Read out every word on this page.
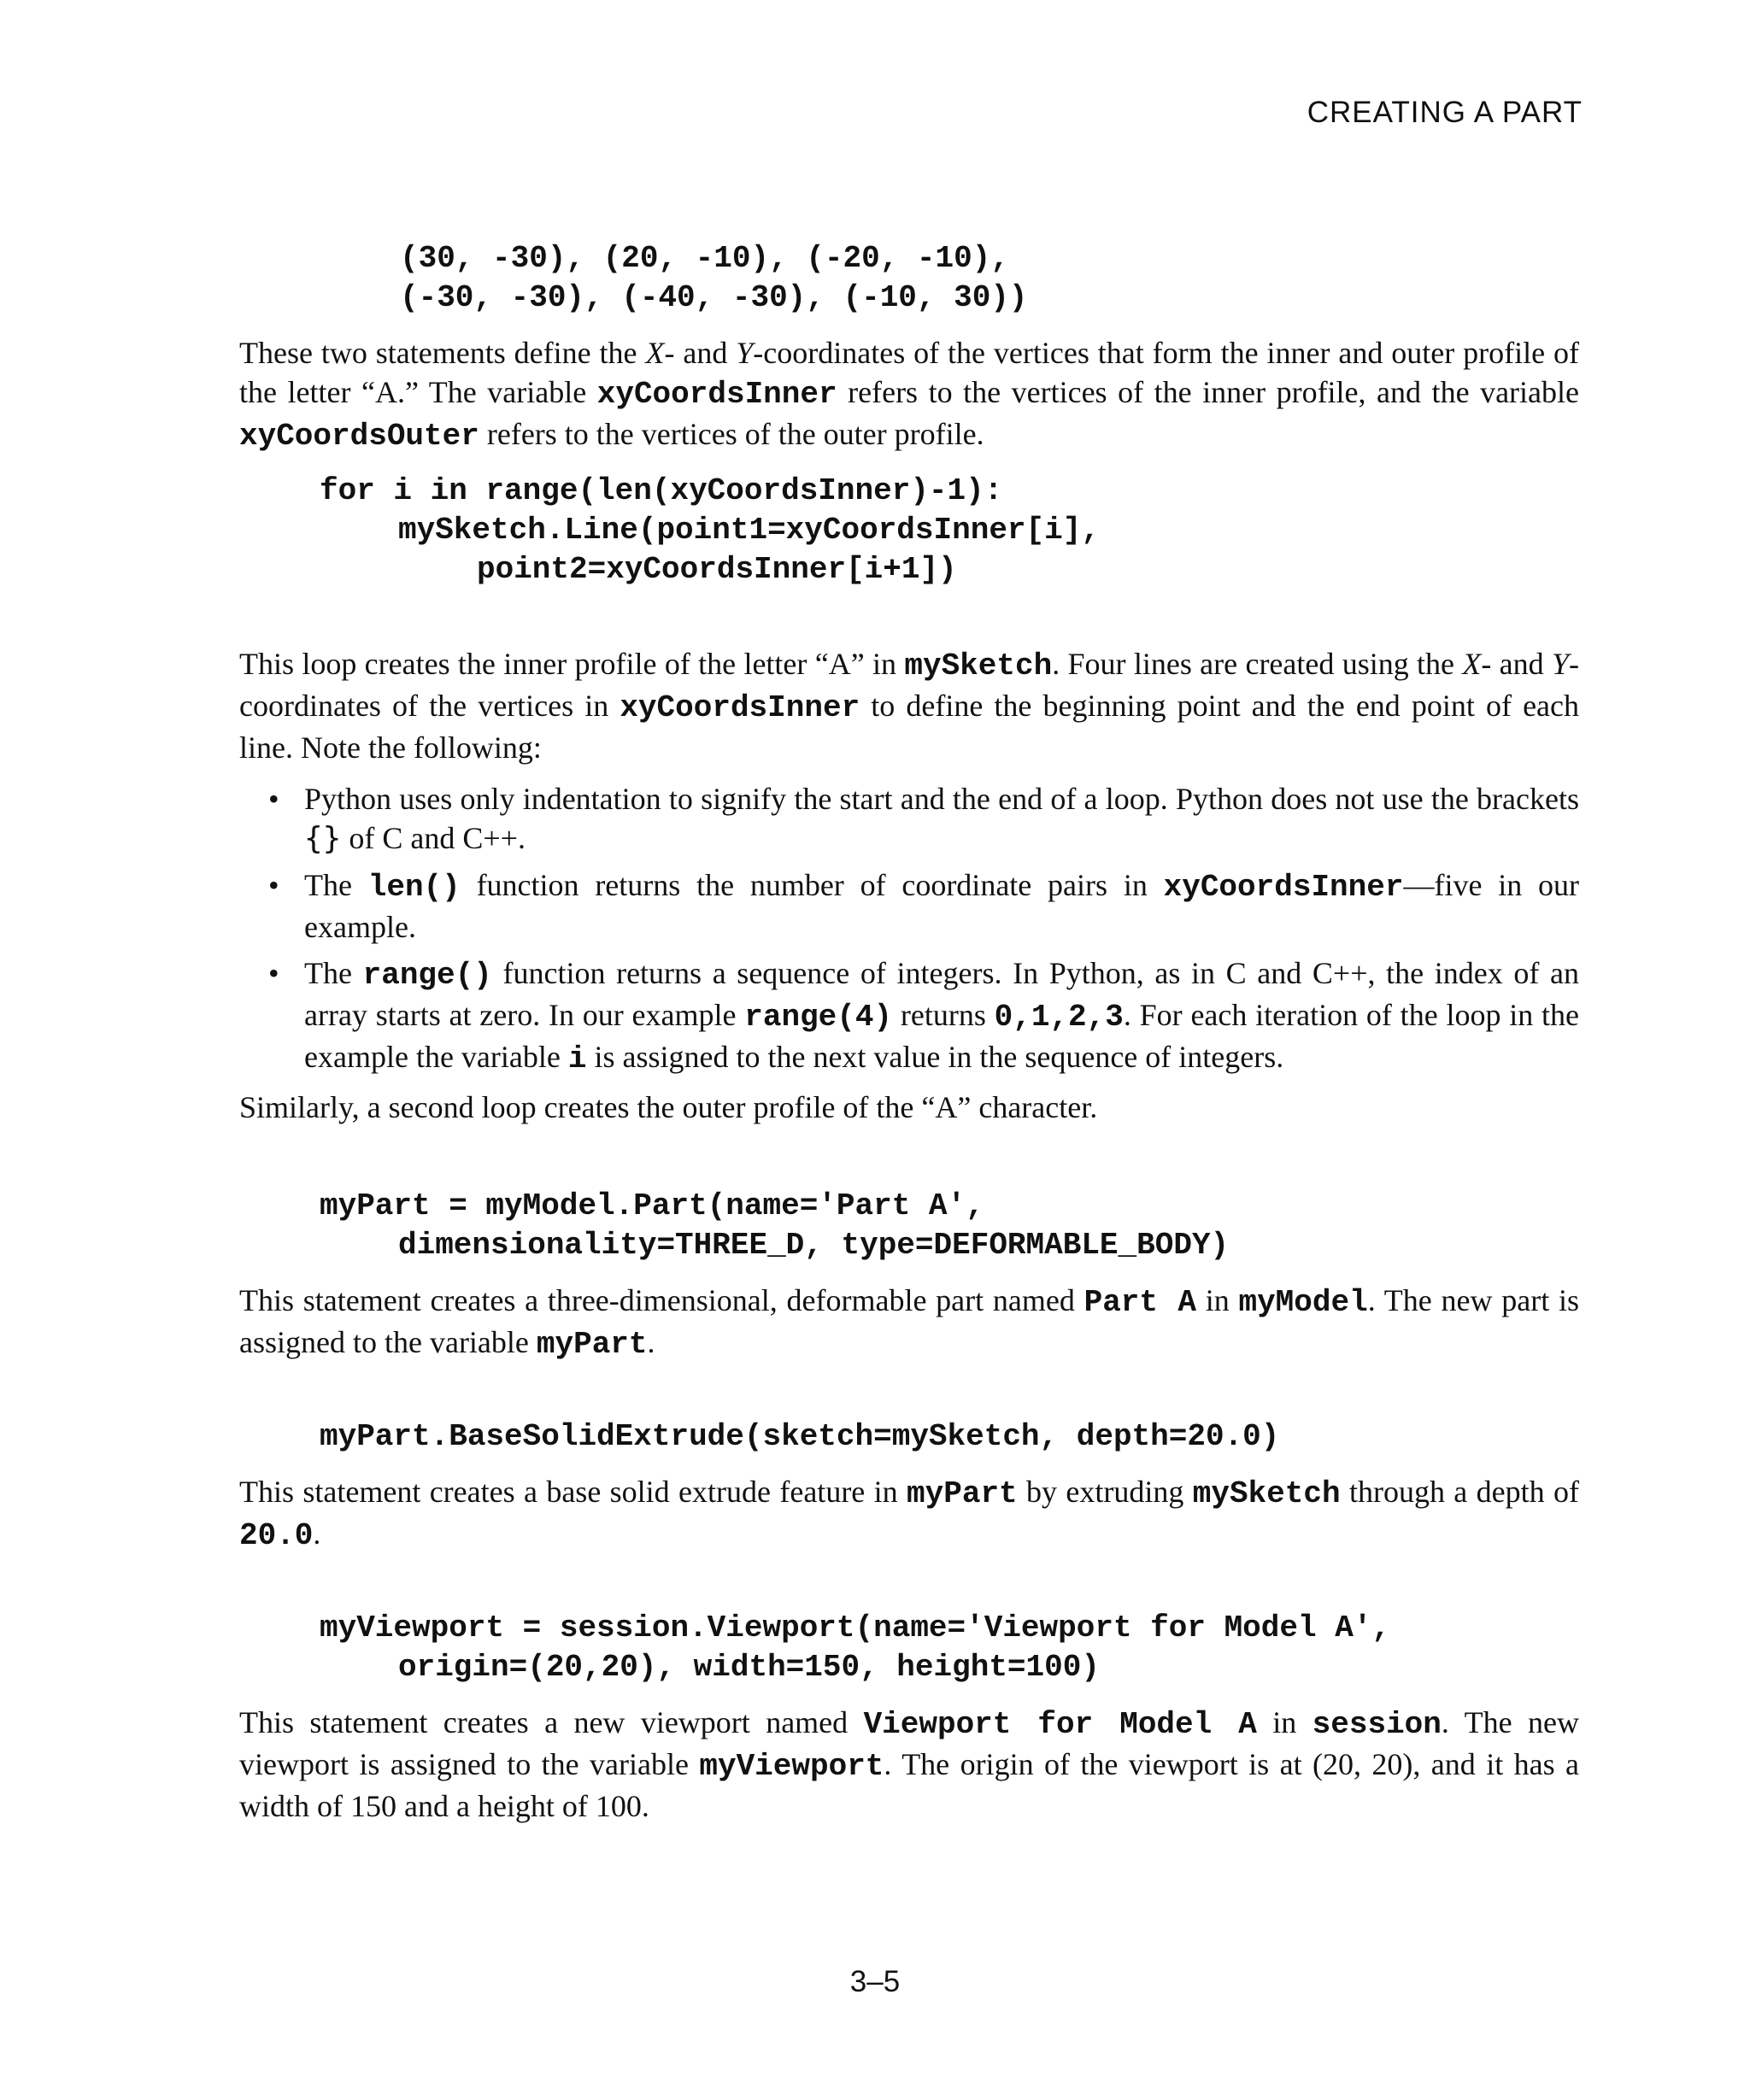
CREATING A PART
(30, -30), (20, -10), (-20, -10),
(-30, -30), (-40, -30), (-10, 30))

These two statements define the X- and Y-coordinates of the vertices that form the inner and outer profile of the letter “A.” The variable xyCoordsInner refers to the vertices of the inner profile, and the variable xyCoordsOuter refers to the vertices of the outer profile.

for i in range(len(xyCoordsInner)-1):
mySketch.Line(point1=xyCoordsInner[i],
point2=xyCoordsInner[i+1])

This loop creates the inner profile of the letter “A” in mySketch. Four lines are created using the X- and Y-coordinates of the vertices in xyCoordsInner to define the beginning point and the end point of each line. Note the following:

• Python uses only indentation to signify the start and the end of a loop. Python does not use the brackets {} of C and C++.
• The len() function returns the number of coordinate pairs in xyCoordsInner—five in our example.
• The range() function returns a sequence of integers. In Python, as in C and C++, the index of an array starts at zero. In our example range(4) returns 0,1,2,3. For each iteration of the loop in the example the variable i is assigned to the next value in the sequence of integers.

Similarly, a second loop creates the outer profile of the “A” character.

myPart = myModel.Part(name='Part A',
dimensionality=THREE_D, type=DEFORMABLE_BODY)

This statement creates a three-dimensional, deformable part named Part A in myModel. The new part is assigned to the variable myPart.

myPart.BaseSolidExtrude(sketch=mySketch, depth=20.0)

This statement creates a base solid extrude feature in myPart by extruding mySketch through a depth of 20.0.

myViewport = session.Viewport(name='Viewport for Model A',
origin=(20,20), width=150, height=100)

This statement creates a new viewport named Viewport for Model A in session. The new viewport is assigned to the variable myViewport. The origin of the viewport is at (20, 20), and it has a width of 150 and a height of 100.

3–5
